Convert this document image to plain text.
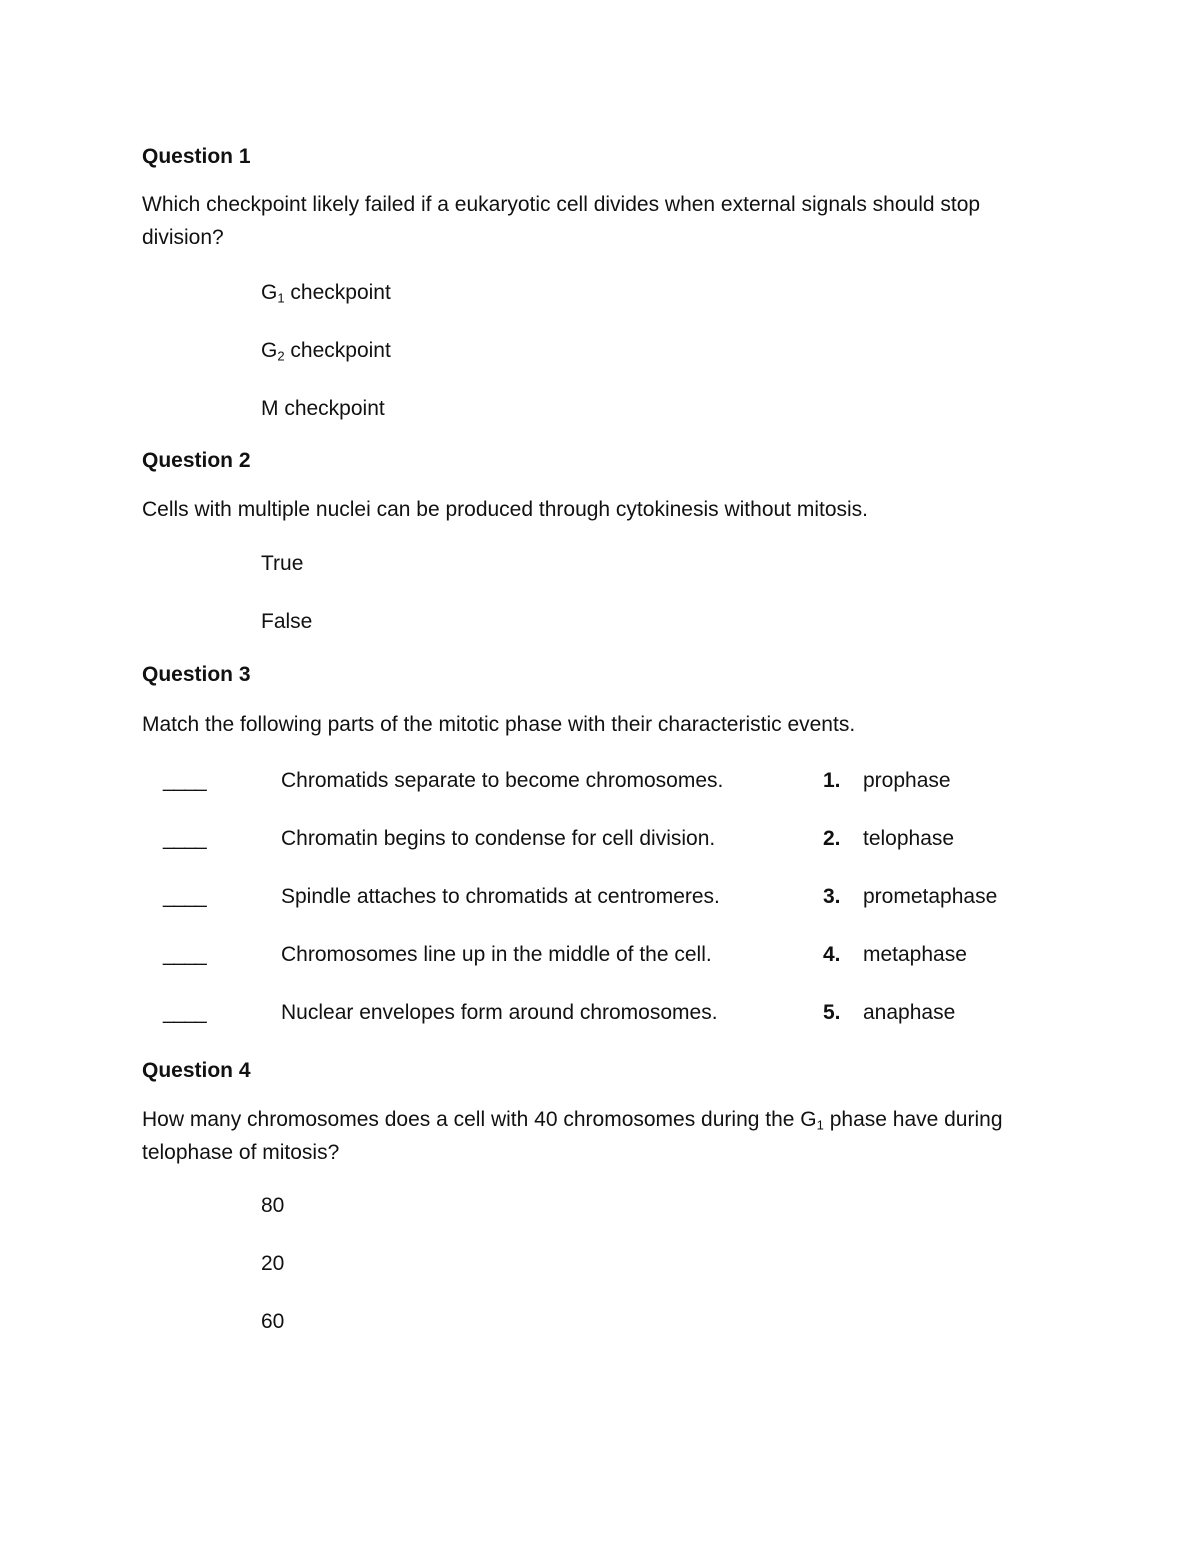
Question 1
Which checkpoint likely failed if a eukaryotic cell divides when external signals should stop division?
$G_1$ checkpoint
$G_2$ checkpoint
M checkpoint
Question 2
Cells with multiple nuclei can be produced through cytokinesis without mitosis.
True
False
Question 3
Match the following parts of the mitotic phase with their characteristic events.
____	Chromatids separate to become chromosomes.	1. prophase
____	Chromatin begins to condense for cell division.	2. telophase
____	Spindle attaches to chromatids at centromeres.	3. prometaphase
____	Chromosomes line up in the middle of the cell.	4. metaphase
____	Nuclear envelopes form around chromosomes.	5. anaphase
Question 4
How many chromosomes does a cell with 40 chromosomes during the $G_1$ phase have during telophase of mitosis?
80
20
60
